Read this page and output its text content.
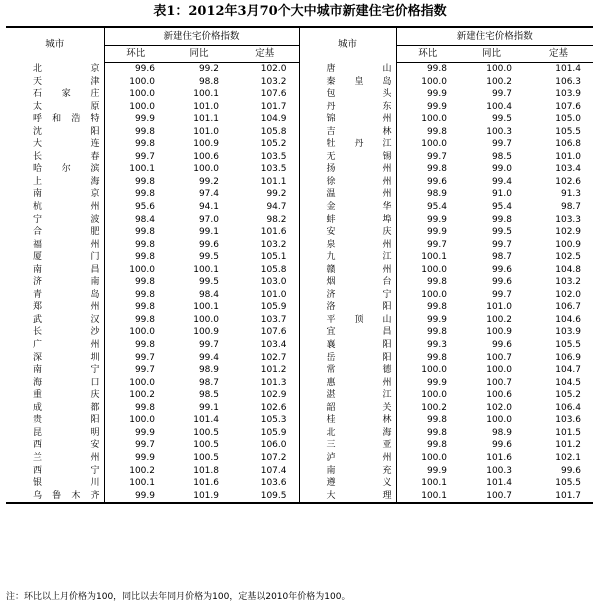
表1：2012年3月70个大中城市新建住宅价格指数
城市	新建住宅价格指数			城市	新建住宅价格指数		
	环比	同比	定基		环比	同比	定基
北京	99.6	99.2	102.0	唐山	99.8	100.0	101.4
天津	100.0	98.8	103.2	秦皇岛	100.0	100.2	106.3
石家庄	100.0	100.1	107.6	包头	99.9	99.7	103.9
太原	100.0	101.0	101.7	丹东	99.9	100.4	107.6
呼和浩特	99.9	101.1	104.9	锦州	100.0	99.5	105.0
沈阳	99.8	101.0	105.8	吉林	99.8	100.3	105.5
大连	99.8	100.9	105.2	牡丹江	100.0	99.7	106.8
长春	99.7	100.6	103.5	无锡	99.7	98.5	101.0
哈尔滨	100.1	100.0	103.5	扬州	99.8	99.0	103.4
上海	99.8	99.2	101.1	徐州	99.6	99.4	102.6
南京	99.8	97.4	99.2	温州	98.9	91.0	91.3
杭州	95.6	94.1	94.7	金华	95.4	95.4	98.7
宁波	98.4	97.0	98.2	蚌埠	99.9	99.8	103.3
合肥	99.8	99.1	101.6	安庆	99.9	99.5	102.9
福州	99.8	99.6	103.2	泉州	99.7	99.7	100.9
厦门	99.8	99.5	105.1	九江	100.1	98.7	102.5
南昌	100.0	100.1	105.8	赣州	100.0	99.6	104.8
济南	99.8	99.5	103.0	烟台	99.8	99.6	103.2
青岛	99.8	98.4	101.0	济宁	100.0	99.7	102.0
郑州	99.8	100.1	105.9	洛阳	99.8	101.0	106.7
武汉	99.8	100.0	103.7	平顶山	99.9	100.2	104.6
长沙	100.0	100.9	107.6	宜昌	99.8	100.9	103.9
广州	99.8	99.7	103.4	襄阳	99.3	99.6	105.5
深圳	99.7	99.4	102.7	岳阳	99.8	100.7	106.9
南宁	99.7	98.9	101.2	常德	100.0	100.0	104.7
海口	100.0	98.7	101.3	惠州	99.9	100.7	104.5
重庆	100.2	98.5	102.9	湛江	100.0	100.6	105.2
成都	99.8	99.1	102.6	韶关	100.2	102.0	106.4
贵阳	100.0	101.4	105.3	桂林	99.8	100.0	103.6
昆明	99.9	100.5	105.9	北海	99.8	98.9	101.5
西安	99.7	100.5	106.0	三亚	99.8	99.6	101.2
兰州	99.9	100.5	107.2	泸州	100.0	101.6	102.1
西宁	100.2	101.8	107.4	南充	99.9	100.3	99.6
银川	100.1	101.6	103.6	遵义	100.1	101.4	105.5
乌鲁木齐	99.9	101.9	109.5	大理	100.1	100.7	101.7
注：环比以上月价格为100，同比以去年同月价格为100，定基以2010年价格为100。
